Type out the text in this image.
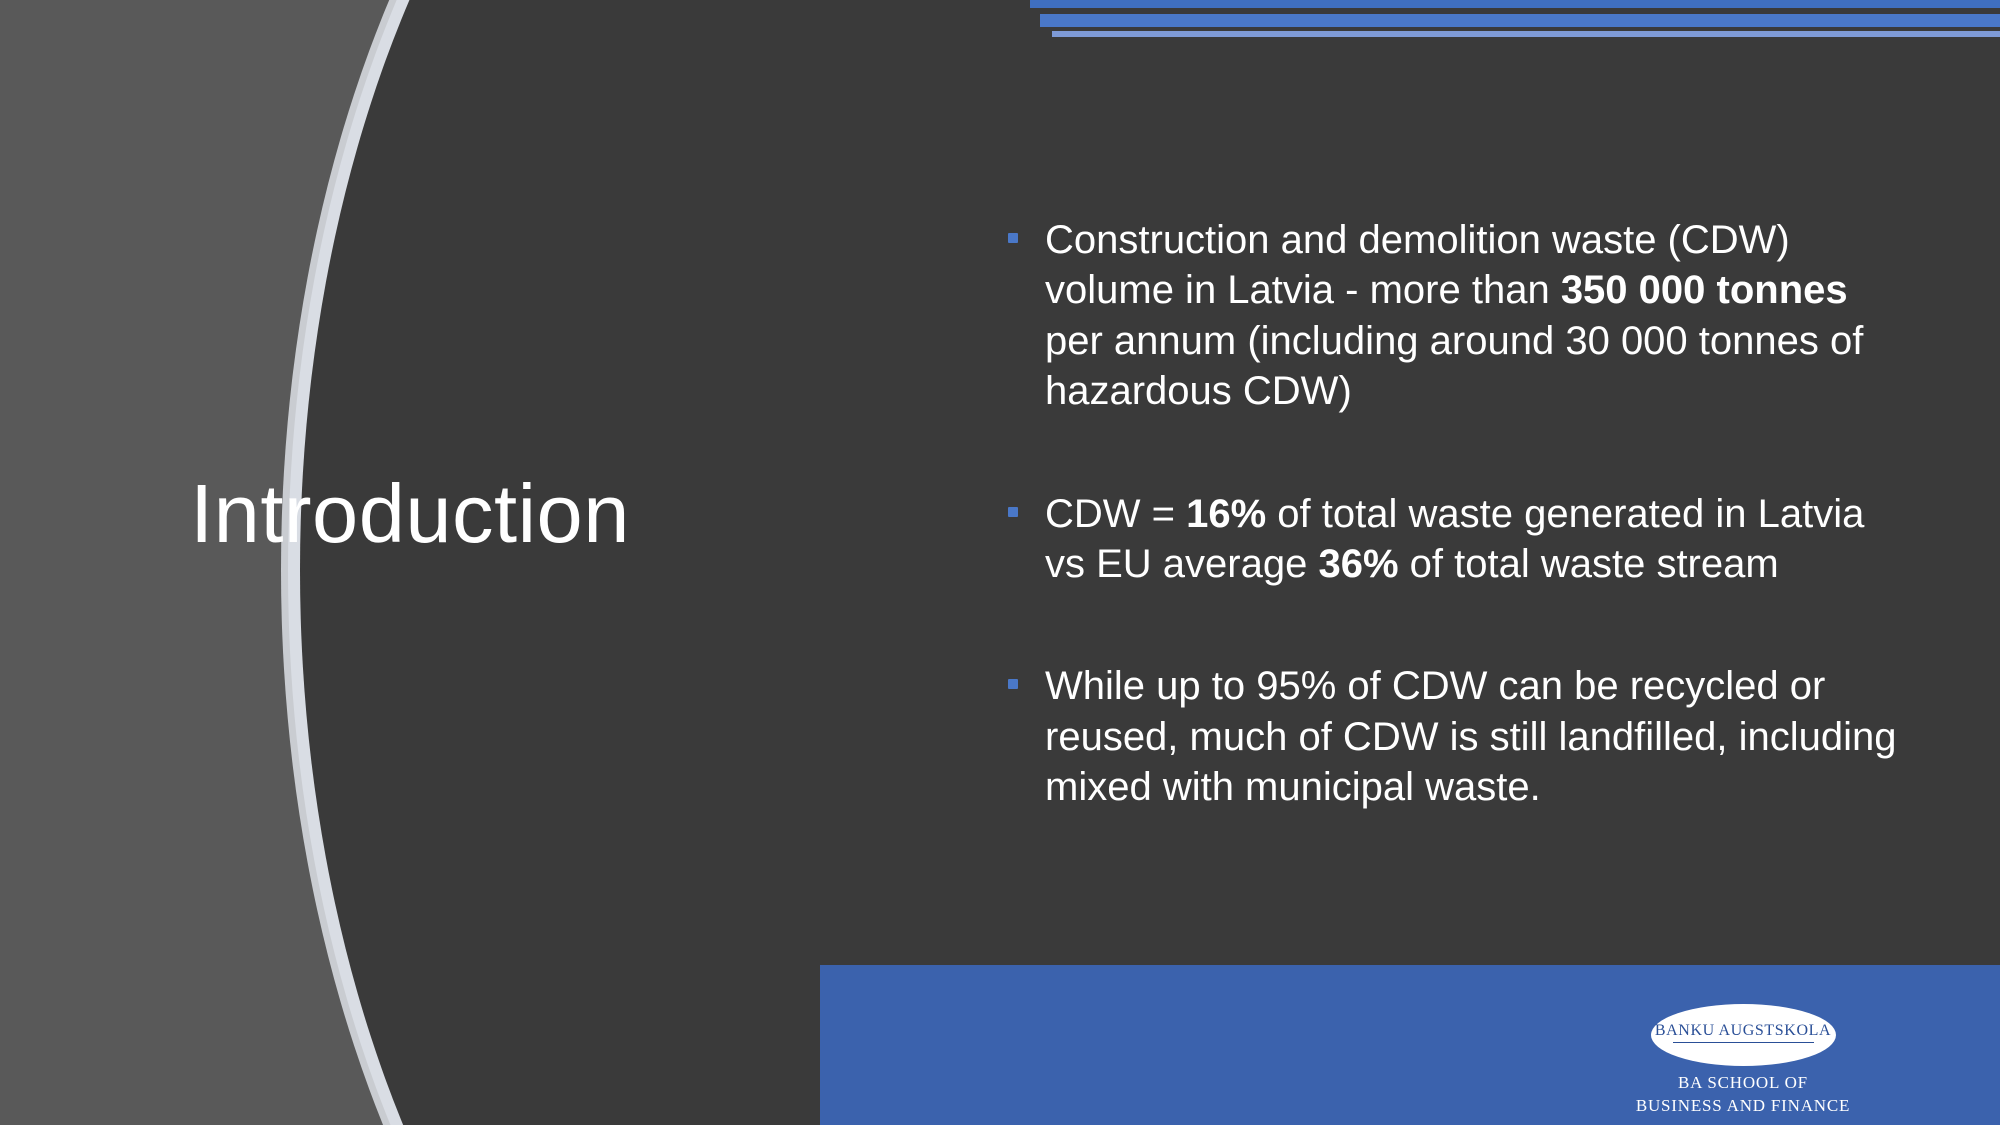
Introduction
Construction and demolition waste (CDW) volume in Latvia - more than 350 000 tonnes per annum (including around 30 000 tonnes of hazardous CDW)
CDW = 16% of total waste generated in Latvia vs EU average 36% of total waste stream
While up to 95% of CDW can be recycled or reused, much of CDW is still landfilled, including mixed with municipal waste.
BANKU AUGSTSKOLA
BA SCHOOL OF
BUSINESS AND FINANCE
